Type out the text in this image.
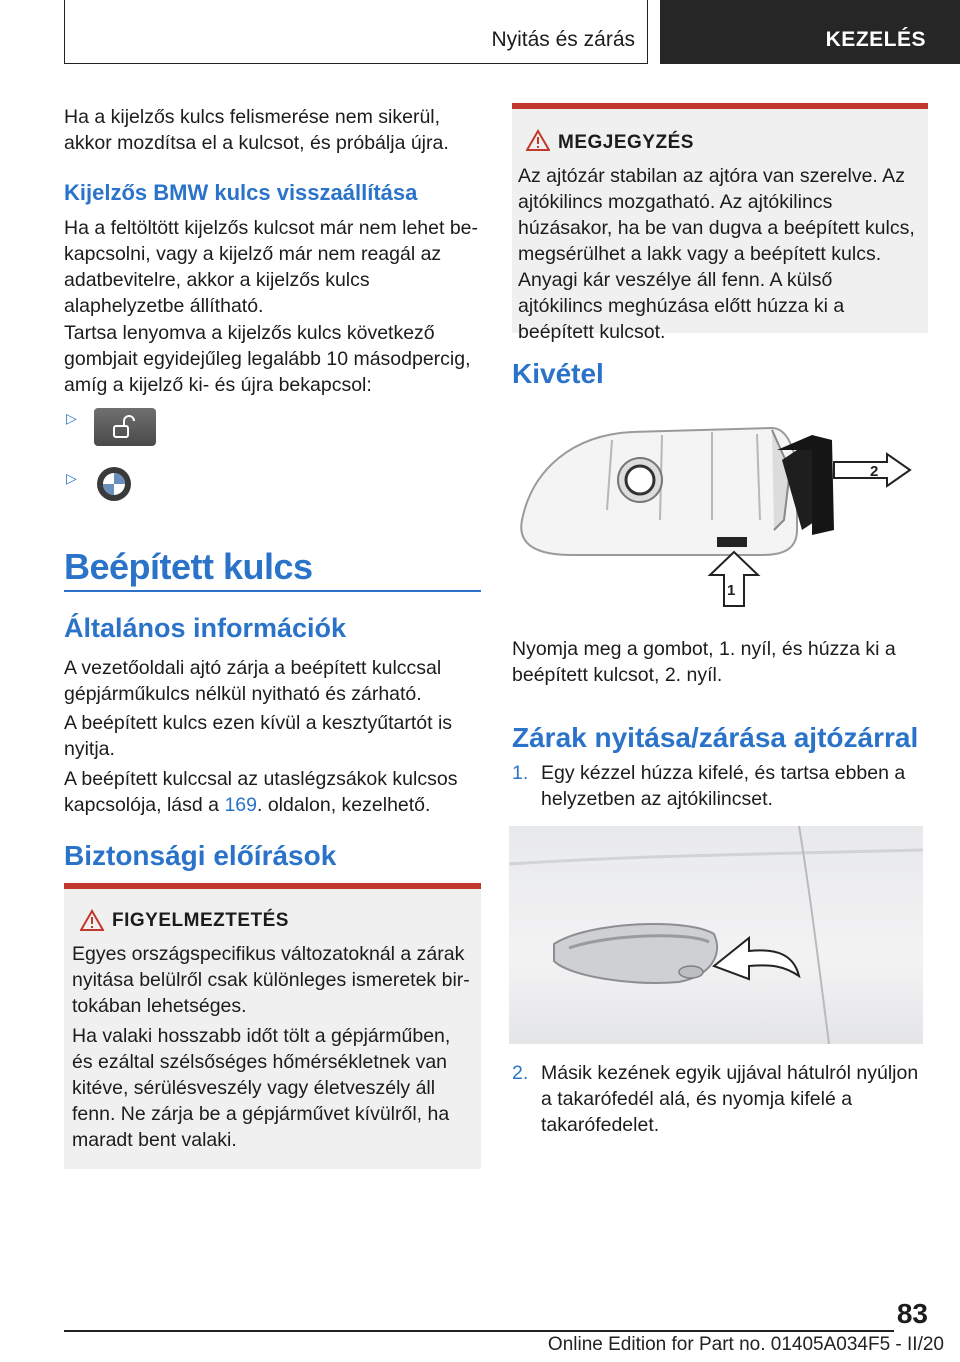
Nyitás és zárás	KEZELÉS

Ha a kijelzős kulcs felismerése nem sikerül, akkor mozdítsa el a kulcsot, és próbálja újra.

Kijelzős BMW kulcs visszaállítása

Ha a feltöltött kijelzős kulcsot már nem lehet bekapcsolni, vagy a kijelző már nem reagál az adatbevitelre, akkor a kijelzős kulcs alaphelyzetbe állítható.

Tartsa lenyomva a kijelzős kulcs következő gombjait egyidejűleg legalább 10 másodpercig, amíg a kijelző ki- és újra bekapcsol:

▷
▷
Beépített kulcs
Általános információk

A vezetőoldali ajtó zárja a beépített kulccsal gépjárműkulcs nélkül nyitható és zárható.

A beépített kulcs ezen kívül a kesztyűtartót is nyitja.

A beépített kulccsal az utaslégzsákok kulcsos kapcsolója, lásd a 169. oldalon, kezelhető.

Biztonsági előírások
FIGYELMEZTETÉS

Egyes országspecifikus változatoknál a zárak nyitása belülről csak különleges ismeretek birtokában lehetséges.

Ha valaki hosszabb időt tölt a gépjárműben, és ezáltal szélsőséges hőmérsékletnek van kitéve, sérülésveszély vagy életveszély áll fenn. Ne zárja be a gépjárművet kívülről, ha maradt bent valaki.

MEGJEGYZÉS

Az ajtózár stabilan az ajtóra van szerelve. Az ajtókilincs mozgatható. Az ajtókilincs húzásakor, ha be van dugva a beépített kulcs, megsérülhet a lakk vagy a beépített kulcs. Anyagi kár veszélye áll fenn. A külső ajtókilincs meghúzása előtt húzza ki a beépített kulcsot.

Kivétel
2
1

Nyomja meg a gombot, 1. nyíl, és húzza ki a beépített kulcsot, 2. nyíl.

Zárak nyitása/zárása ajtózárral
1. Egy kézzel húzza kifelé, és tartsa ebben a helyzetben az ajtókilincset.

2. Másik kezének egyik ujjával hátulról nyúljon a takarófedél alá, és nyomja kifelé a takarófedelet.

83
Online Edition for Part no. 01405A034F5 - II/20
